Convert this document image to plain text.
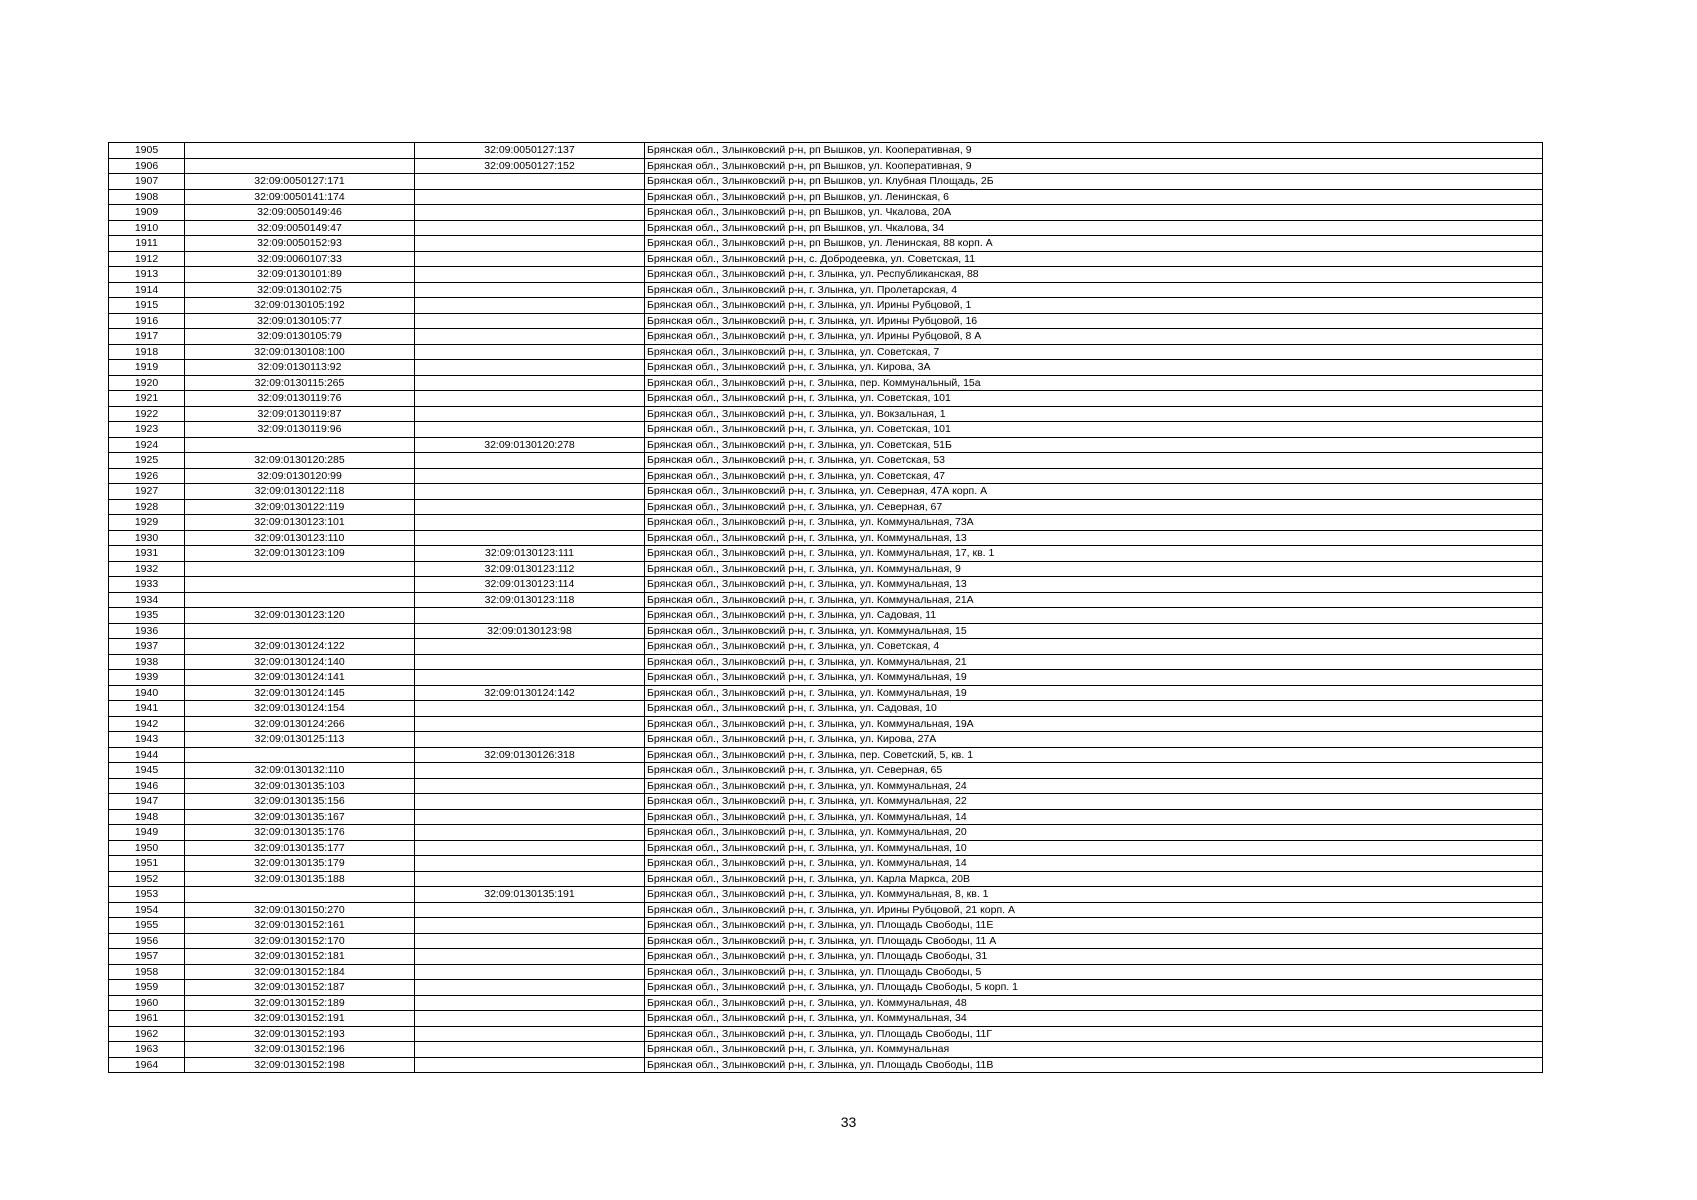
1905		32:09:0050127:137	Брянская обл., Злынковский р-н, рп Вышков, ул. Кооперативная, 9
1906		32:09:0050127:152	Брянская обл., Злынковский р-н, рп Вышков, ул. Кооперативная, 9
1907	32:09:0050127:171		Брянская обл., Злынковский р-н, рп Вышков, ул. Клубная Площадь, 2Б
1908	32:09:0050141:174		Брянская обл., Злынковский р-н, рп Вышков, ул. Ленинская, 6
1909	32:09:0050149:46		Брянская обл., Злынковский р-н, рп Вышков, ул. Чкалова, 20А
1910	32:09:0050149:47		Брянская обл., Злынковский р-н, рп Вышков, ул. Чкалова, 34
1911	32:09:0050152:93		Брянская обл., Злынковский р-н, рп Вышков, ул. Ленинская, 88 корп. А
1912	32:09:0060107:33		Брянская обл., Злынковский р-н, с. Добродеевка, ул. Советская, 11
1913	32:09:0130101:89		Брянская обл., Злынковский р-н, г. Злынка, ул. Республиканская, 88
1914	32:09:0130102:75		Брянская обл., Злынковский р-н, г. Злынка, ул. Пролетарская, 4
1915	32:09:0130105:192		Брянская обл., Злынковский р-н, г. Злынка, ул. Ирины Рубцовой, 1
1916	32:09:0130105:77		Брянская обл., Злынковский р-н, г. Злынка, ул. Ирины Рубцовой, 16
1917	32:09:0130105:79		Брянская обл., Злынковский р-н, г. Злынка, ул. Ирины Рубцовой, 8 А
1918	32:09:0130108:100		Брянская обл., Злынковский р-н, г. Злынка, ул. Советская, 7
1919	32:09:0130113:92		Брянская обл., Злынковский р-н, г. Злынка, ул. Кирова, 3А
1920	32:09:0130115:265		Брянская обл., Злынковский р-н, г. Злынка, пер. Коммунальный, 15а
1921	32:09:0130119:76		Брянская обл., Злынковский р-н, г. Злынка, ул. Советская, 101
1922	32:09:0130119:87		Брянская обл., Злынковский р-н, г. Злынка, ул. Вокзальная, 1
1923	32:09:0130119:96		Брянская обл., Злынковский р-н, г. Злынка, ул. Советская, 101
1924		32:09:0130120:278	Брянская обл., Злынковский р-н, г. Злынка, ул. Советская, 51Б
1925	32:09:0130120:285		Брянская обл., Злынковский р-н, г. Злынка, ул. Советская, 53
1926	32:09:0130120:99		Брянская обл., Злынковский р-н, г. Злынка, ул. Советская, 47
1927	32:09:0130122:118		Брянская обл., Злынковский р-н, г. Злынка, ул. Северная, 47А корп. А
1928	32:09:0130122:119		Брянская обл., Злынковский р-н, г. Злынка, ул. Северная, 67
1929	32:09:0130123:101		Брянская обл., Злынковский р-н, г. Злынка, ул. Коммунальная, 73А
1930	32:09:0130123:110		Брянская обл., Злынковский р-н, г. Злынка, ул. Коммунальная, 13
1931	32:09:0130123:109	32:09:0130123:111	Брянская обл., Злынковский р-н, г. Злынка, ул. Коммунальная, 17, кв. 1
1932		32:09:0130123:112	Брянская обл., Злынковский р-н, г. Злынка, ул. Коммунальная, 9
1933		32:09:0130123:114	Брянская обл., Злынковский р-н, г. Злынка, ул. Коммунальная, 13
1934		32:09:0130123:118	Брянская обл., Злынковский р-н, г. Злынка, ул. Коммунальная, 21А
1935	32:09:0130123:120		Брянская обл., Злынковский р-н, г. Злынка, ул. Садовая, 11
1936		32:09:0130123:98	Брянская обл., Злынковский р-н, г. Злынка, ул. Коммунальная, 15
1937	32:09:0130124:122		Брянская обл., Злынковский р-н, г. Злынка, ул. Советская, 4
1938	32:09:0130124:140		Брянская обл., Злынковский р-н, г. Злынка, ул. Коммунальная, 21
1939	32:09:0130124:141		Брянская обл., Злынковский р-н, г. Злынка, ул. Коммунальная, 19
1940	32:09:0130124:145	32:09:0130124:142	Брянская обл., Злынковский р-н, г. Злынка, ул. Коммунальная, 19
1941	32:09:0130124:154		Брянская обл., Злынковский р-н, г. Злынка, ул. Садовая, 10
1942	32:09:0130124:266		Брянская обл., Злынковский р-н, г. Злынка, ул. Коммунальная, 19А
1943	32:09:0130125:113		Брянская обл., Злынковский р-н, г. Злынка, ул. Кирова, 27А
1944		32:09:0130126:318	Брянская обл., Злынковский р-н, г. Злынка, пер. Советский, 5, кв. 1
1945	32:09:0130132:110		Брянская обл., Злынковский р-н, г. Злынка, ул. Северная, 65
1946	32:09:0130135:103		Брянская обл., Злынковский р-н, г. Злынка, ул. Коммунальная, 24
1947	32:09:0130135:156		Брянская обл., Злынковский р-н, г. Злынка, ул. Коммунальная, 22
1948	32:09:0130135:167		Брянская обл., Злынковский р-н, г. Злынка, ул. Коммунальная, 14
1949	32:09:0130135:176		Брянская обл., Злынковский р-н, г. Злынка, ул. Коммунальная, 20
1950	32:09:0130135:177		Брянская обл., Злынковский р-н, г. Злынка, ул. Коммунальная, 10
1951	32:09:0130135:179		Брянская обл., Злынковский р-н, г. Злынка, ул. Коммунальная, 14
1952	32:09:0130135:188		Брянская обл., Злынковский р-н, г. Злынка, ул. Карла Маркса, 20В
1953		32:09:0130135:191	Брянская обл., Злынковский р-н, г. Злынка, ул. Коммунальная, 8, кв. 1
1954	32:09:0130150:270		Брянская обл., Злынковский р-н, г. Злынка, ул. Ирины Рубцовой, 21 корп. А
1955	32:09:0130152:161		Брянская обл., Злынковский р-н, г. Злынка, ул. Площадь Свободы, 11Е
1956	32:09:0130152:170		Брянская обл., Злынковский р-н, г. Злынка, ул. Площадь Свободы, 11 А
1957	32:09:0130152:181		Брянская обл., Злынковский р-н, г. Злынка, ул. Площадь Свободы, 31
1958	32:09:0130152:184		Брянская обл., Злынковский р-н, г. Злынка, ул. Площадь Свободы, 5
1959	32:09:0130152:187		Брянская обл., Злынковский р-н, г. Злынка, ул. Площадь Свободы, 5 корп. 1
1960	32:09:0130152:189		Брянская обл., Злынковский р-н, г. Злынка, ул. Коммунальная, 48
1961	32:09:0130152:191		Брянская обл., Злынковский р-н, г. Злынка, ул. Коммунальная, 34
1962	32:09:0130152:193		Брянская обл., Злынковский р-н, г. Злынка, ул. Площадь Свободы, 11Г
1963	32:09:0130152:196		Брянская обл., Злынковский р-н, г. Злынка, ул. Коммунальная
1964	32:09:0130152:198		Брянская обл., Злынковский р-н, г. Злынка, ул. Площадь Свободы, 11В
33
